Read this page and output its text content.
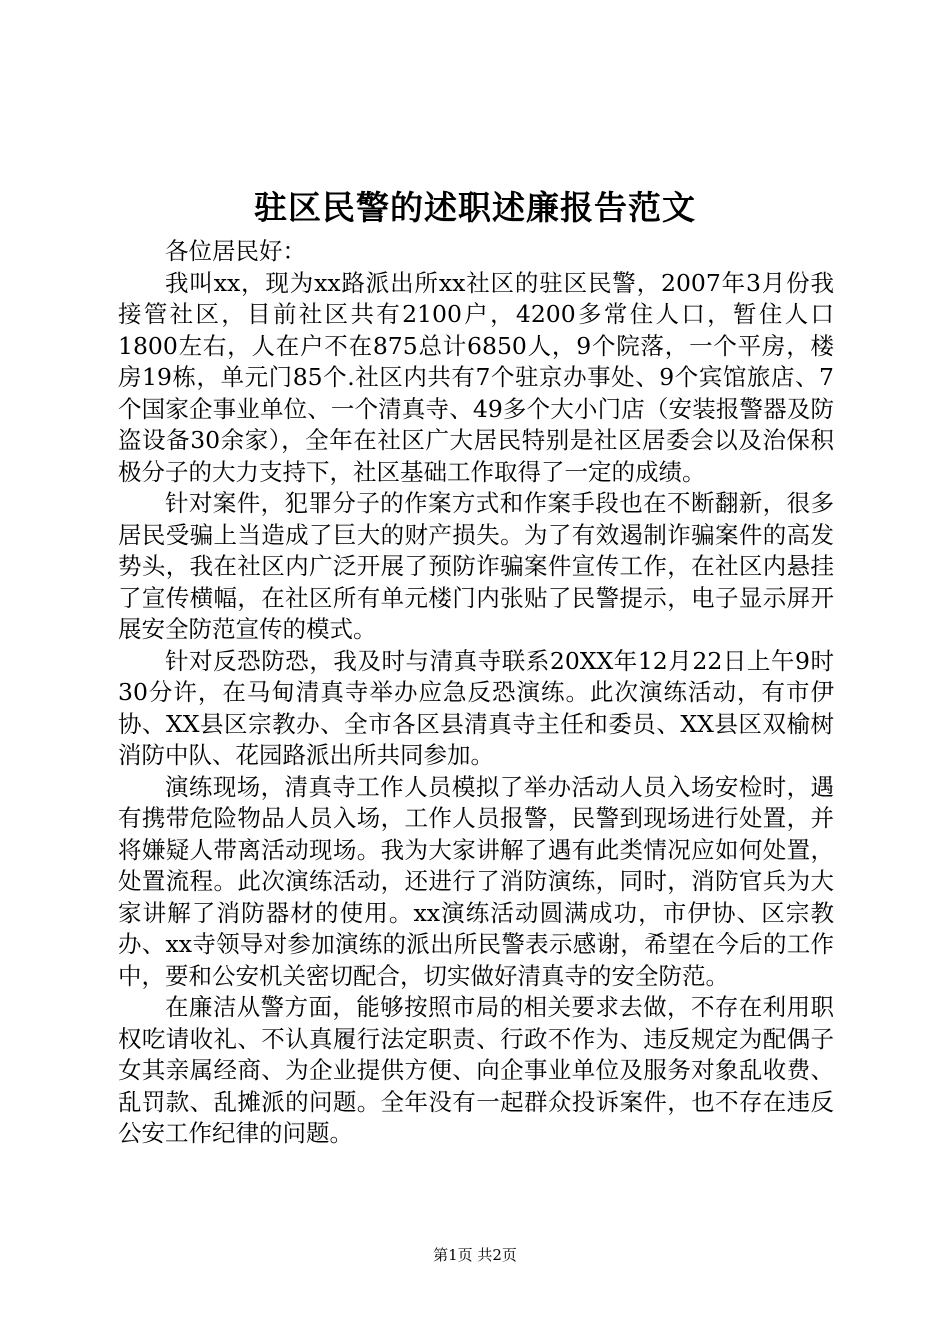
驻区民警的述职述廉报告范文

各位居民好：

我叫xx，现为xx路派出所xx社区的驻区民警，2007年3月份我接管社区，目前社区共有2100户，4200多常住人口，暂住人口1800左右，人在户不在875总计6850人，9个院落，一个平房，楼房19栋，单元门85个.社区内共有7个驻京办事处、9个宾馆旅店、7个国家企事业单位、一个清真寺、49多个大小门店（安装报警器及防盗设备30余家），全年在社区广大居民特别是社区居委会以及治保积极分子的大力支持下，社区基础工作取得了一定的成绩。

针对案件，犯罪分子的作案方式和作案手段也在不断翻新，很多居民受骗上当造成了巨大的财产损失。为了有效遏制诈骗案件的高发势头，我在社区内广泛开展了预防诈骗案件宣传工作，在社区内悬挂了宣传横幅，在社区所有单元楼门内张贴了民警提示，电子显示屏开展安全防范宣传的模式。

针对反恐防恐，我及时与清真寺联系20XX年12月22日上午9时30分许，在马甸清真寺举办应急反恐演练。此次演练活动，有市伊协、XX县区宗教办、全市各区县清真寺主任和委员、XX县区双榆树消防中队、花园路派出所共同参加。

演练现场，清真寺工作人员模拟了举办活动人员入场安检时，遇有携带危险物品人员入场，工作人员报警，民警到现场进行处置，并将嫌疑人带离活动现场。我为大家讲解了遇有此类情况应如何处置，处置流程。此次演练活动，还进行了消防演练，同时，消防官兵为大家讲解了消防器材的使用。xx演练活动圆满成功，市伊协、区宗教办、xx寺领导对参加演练的派出所民警表示感谢，希望在今后的工作中，要和公安机关密切配合，切实做好清真寺的安全防范。

在廉洁从警方面，能够按照市局的相关要求去做，不存在利用职权吃请收礼、不认真履行法定职责、行政不作为、违反规定为配偶子女其亲属经商、为企业提供方便、向企事业单位及服务对象乱收费、乱罚款、乱摊派的问题。全年没有一起群众投诉案件，也不存在违反公安工作纪律的问题。

第1页 共2页
